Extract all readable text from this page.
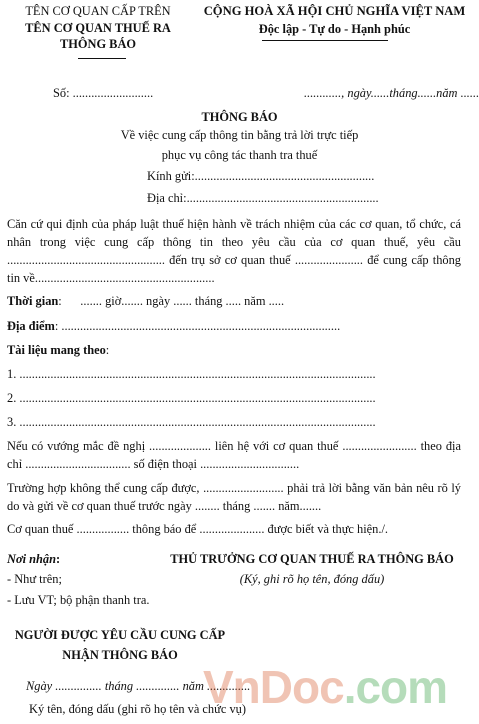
TÊN CƠ QUAN CẤP TRÊN
TÊN CƠ QUAN THUẾ RA
THÔNG BÁO
CỘNG HOÀ XÃ HỘI CHỦ NGHĨA VIỆT NAM
Độc lập - Tự do - Hạnh phúc
Số: ..........................	............, ngày......tháng......năm ......
THÔNG BÁO
Về việc cung cấp thông tin bằng trả lời trực tiếp
phục vụ công tác thanh tra thuế
Kính gửi:..........................................................
Địa chỉ:..............................................................
Căn cứ qui định của pháp luật thuế hiện hành về trách nhiệm của các cơ quan, tổ chức, cá nhân trong việc cung cấp thông tin theo yêu cầu của cơ quan thuế, yêu cầu ................................................... đến trụ sở cơ quan thuế ...................... để cung cấp thông tin về..........................................................
Thời gian:      ....... giờ....... ngày ...... tháng ..... năm .....
Địa điểm: ..........................................................................................
Tài liệu mang theo:
1. ...................................................................................................................
2. ...................................................................................................................
3. ...................................................................................................................
Nếu có vướng mắc đề nghị .................... liên hệ với cơ quan thuế ........................ theo địa chỉ .................................. số điện thoại ................................
Trường hợp không thể cung cấp được, .......................... phải trả lời bằng văn bản nêu rõ lý do và gửi về cơ quan thuế trước ngày ........ tháng ....... năm.......
Cơ quan thuế ................. thông báo để ..................... được biết và thực hiện./.
Nơi nhận:
- Như trên;
- Lưu VT; bộ phận thanh tra.
THỦ TRƯỞNG CƠ QUAN THUẾ RA THÔNG BÁO
(Ký, ghi rõ họ tên, đóng dấu)
NGƯỜI ĐƯỢC YÊU CẦU CUNG CẤP
NHẬN THÔNG BÁO
Ngày ............... tháng .............. năm ..............
Ký tên, đóng dấu (ghi rõ họ tên và chức vụ)
VnDoc.com
